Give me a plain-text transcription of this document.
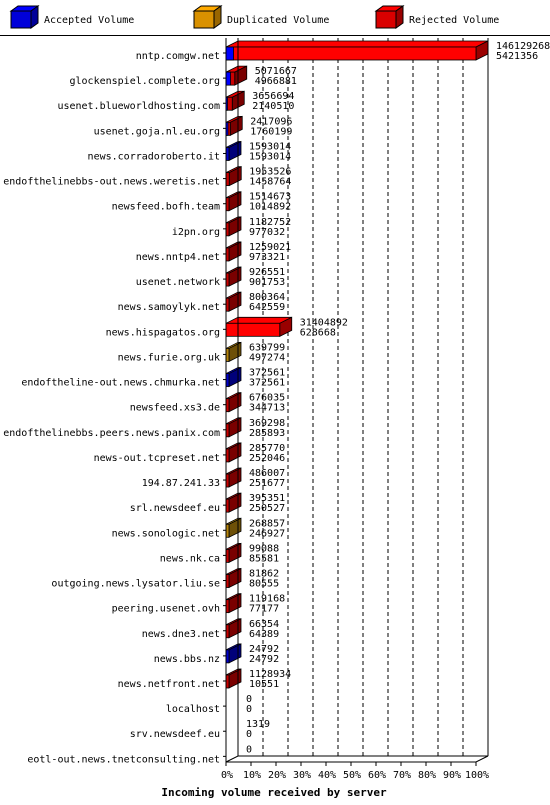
Accepted Volume	Duplicated Volume	Rejected Volume
nntp.comgw.net
146129268
5421356
glockenspiel.complete.org
5071667
4966881
usenet.blueworldhosting.com
3656694
2140510
usenet.goja.nl.eu.org
2417096
1760199
news.corradoroberto.it
1593014
1593014
endofthelinebbs-out.news.weretis.net
1953526
1458764
newsfeed.bofh.team
1514673
1014892
i2pn.org
1182752
977032
news.nntp4.net
1259021
973321
usenet.network
926551
901753
news.samoylyk.net
800364
642559
news.hispagatos.org
31404892
628668
news.furie.org.uk
639799
497274
endoftheline-out.news.chmurka.net
372561
372561
newsfeed.xs3.de
676035
344713
endofthelinebbs.peers.news.panix.com
369298
285893
news-out.tcpreset.net
285770
252046
194.87.241.33
486007
251677
srl.newsdeef.eu
395351
250527
news.sonologic.net
268857
246927
news.nk.ca
99088
85581
outgoing.news.lysator.liu.se
81862
80555
peering.usenet.ovh
119168
77177
news.dne3.net
66354
64389
news.bbs.nz
24792
24792
news.netfront.net
1128934
10551
localhost
0
0
srv.newsdeef.eu
1319
0
eotl-out.news.tnetconsulting.net
0
0% 10% 20% 30% 40% 50% 60% 70% 80% 90% 100%
Incoming volume received by server
